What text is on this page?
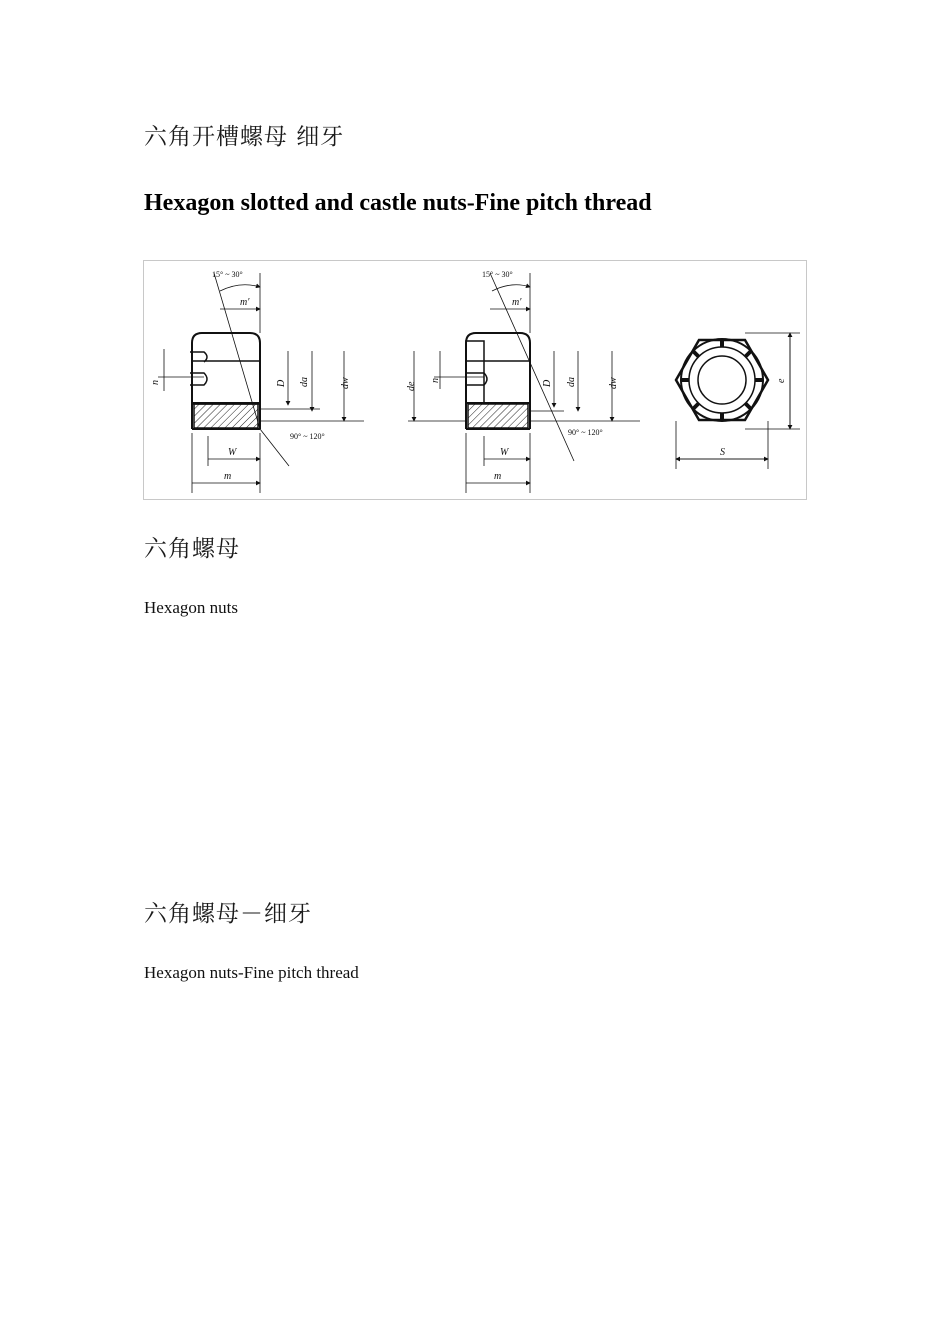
六角开槽螺母 细牙
Hexagon slotted and castle nuts-Fine pitch thread
15° ~ 30°
m′
n	D da	dw
W
m
90° ~ 120°
15° ~ 30°
m′
de
n	D da	dw
W
m
90° ~ 120°
e
S
六角螺母
Hexagon nuts
六角螺母－细牙
Hexagon nuts-Fine pitch thread
